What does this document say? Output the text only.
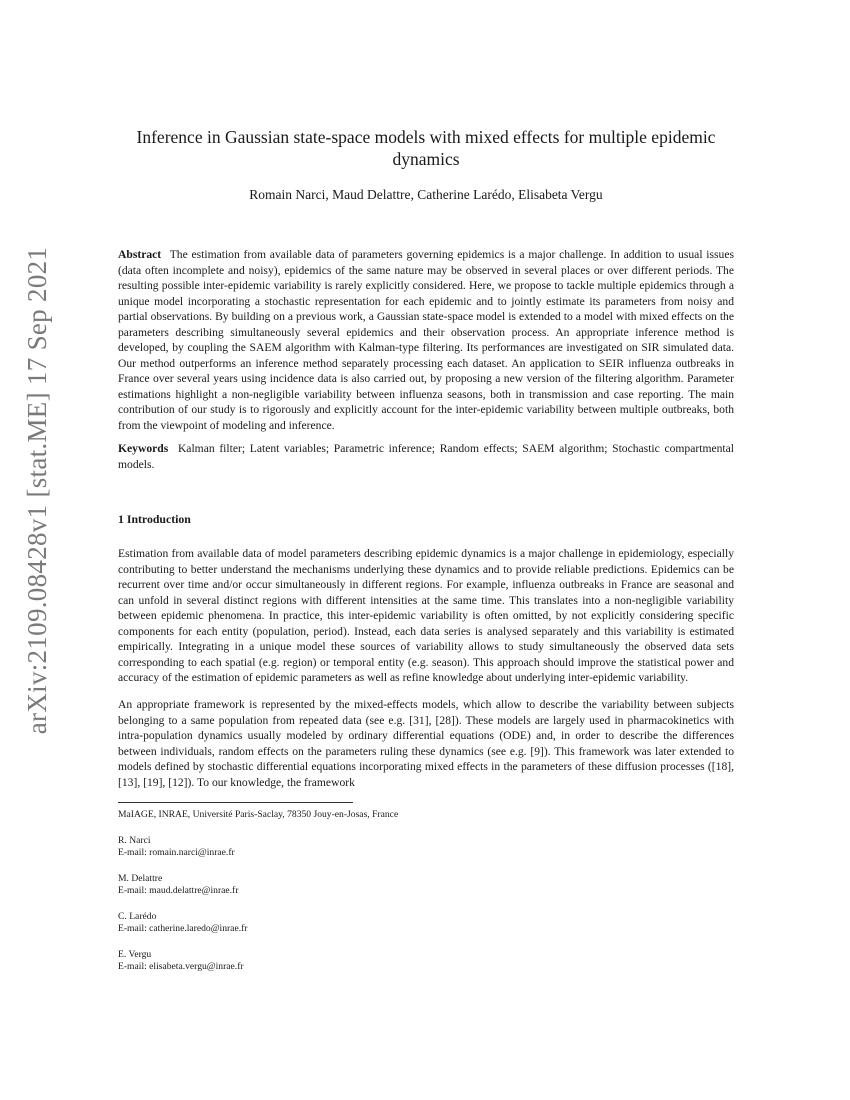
arXiv:2109.08428v1 [stat.ME] 17 Sep 2021
Inference in Gaussian state-space models with mixed effects for multiple epidemic dynamics
Romain Narci, Maud Delattre, Catherine Larédo, Elisabeta Vergu
Abstract The estimation from available data of parameters governing epidemics is a major challenge. In addition to usual issues (data often incomplete and noisy), epidemics of the same nature may be observed in several places or over different periods. The resulting possible inter-epidemic variability is rarely explicitly considered. Here, we propose to tackle multiple epidemics through a unique model incorporating a stochastic representation for each epidemic and to jointly estimate its parameters from noisy and partial observations. By building on a previous work, a Gaussian state-space model is extended to a model with mixed effects on the parameters describing simultaneously several epidemics and their observation process. An appropriate inference method is developed, by coupling the SAEM algorithm with Kalman-type filtering. Its performances are investigated on SIR simulated data. Our method outperforms an inference method separately processing each dataset. An application to SEIR influenza outbreaks in France over several years using incidence data is also carried out, by proposing a new version of the filtering algorithm. Parameter estimations highlight a non-negligible variability between influenza seasons, both in transmission and case reporting. The main contribution of our study is to rigorously and explicitly account for the inter-epidemic variability between multiple outbreaks, both from the viewpoint of modeling and inference.
Keywords Kalman filter; Latent variables; Parametric inference; Random effects; SAEM algorithm; Stochastic compartmental models.
1 Introduction

Estimation from available data of model parameters describing epidemic dynamics is a major challenge in epidemiology, especially contributing to better understand the mechanisms underlying these dynamics and to provide reliable predictions. Epidemics can be recurrent over time and/or occur simultaneously in different regions. For example, influenza outbreaks in France are seasonal and can unfold in several distinct regions with different intensities at the same time. This translates into a non-negligible variability between epidemic phenomena. In practice, this inter-epidemic variability is often omitted, by not explicitly considering specific components for each entity (population, period). Instead, each data series is analysed separately and this variability is estimated empirically. Integrating in a unique model these sources of variability allows to study simultaneously the observed data sets corresponding to each spatial (e.g. region) or temporal entity (e.g. season). This approach should improve the statistical power and accuracy of the estimation of epidemic parameters as well as refine knowledge about underlying inter-epidemic variability.

An appropriate framework is represented by the mixed-effects models, which allow to describe the variability between subjects belonging to a same population from repeated data (see e.g. [31], [28]). These models are largely used in pharmacokinetics with intra-population dynamics usually modeled by ordinary differential equations (ODE) and, in order to describe the differences between individuals, random effects on the parameters ruling these dynamics (see e.g. [9]). This framework was later extended to models defined by stochastic differential equations incorporating mixed effects in the parameters of these diffusion processes ([18], [13], [19], [12]). To our knowledge, the framework

MaIAGE, INRAE, Université Paris-Saclay, 78350 Jouy-en-Josas, France
R. Narci
E-mail: romain.narci@inrae.fr
M. Delattre
E-mail: maud.delattre@inrae.fr
C. Larédo
E-mail: catherine.laredo@inrae.fr
E. Vergu
E-mail: elisabeta.vergu@inrae.fr
